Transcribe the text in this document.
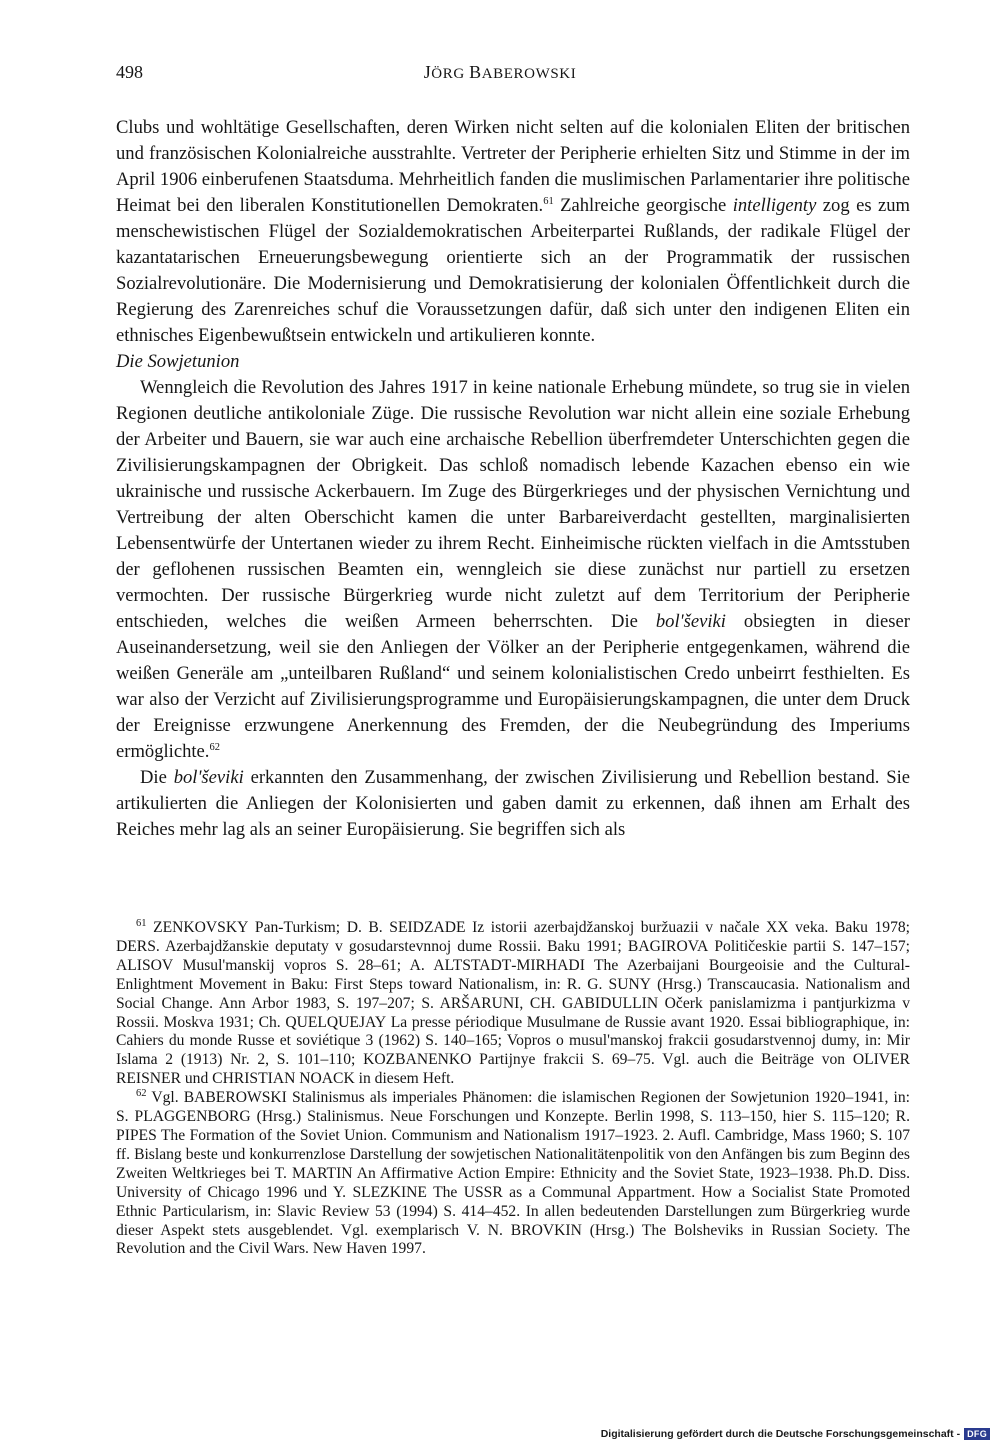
498	JÖRG BABEROWSKI

Clubs und wohltätige Gesellschaften, deren Wirken nicht selten auf die kolonialen Eliten der britischen und französischen Kolonialreiche ausstrahlte. Vertreter der Peripherie erhielten Sitz und Stimme in der im April 1906 einberufenen Staatsduma. Mehrheitlich fanden die muslimischen Parlamentarier ihre politische Heimat bei den liberalen Konstitutionellen Demokraten.$^{61}$ Zahlreiche georgische intelligenty zog es zum menschewistischen Flügel der Sozialdemokratischen Arbeiterpartei Rußlands, der radikale Flügel der kazantatarischen Erneuerungsbewegung orientierte sich an der Programmatik der russischen Sozialrevolutionäre. Die Modernisierung und Demokratisierung der kolonialen Öffentlichkeit durch die Regierung des Zarenreiches schuf die Voraussetzungen dafür, daß sich unter den indigenen Eliten ein ethnisches Eigenbewußtsein entwickeln und artikulieren konnte.

Die Sowjetunion

Wenngleich die Revolution des Jahres 1917 in keine nationale Erhebung mündete, so trug sie in vielen Regionen deutliche antikoloniale Züge. Die russische Revolution war nicht allein eine soziale Erhebung der Arbeiter und Bauern, sie war auch eine archaische Rebellion überfremdeter Unterschichten gegen die Zivilisierungskampagnen der Obrigkeit. Das schloß nomadisch lebende Kazachen ebenso ein wie ukrainische und russische Ackerbauern. Im Zuge des Bürgerkrieges und der physischen Vernichtung und Vertreibung der alten Oberschicht kamen die unter Barbareiverdacht gestellten, marginalisierten Lebensentwürfe der Untertanen wieder zu ihrem Recht. Einheimische rückten vielfach in die Amtsstuben der geflohenen russischen Beamten ein, wenngleich sie diese zunächst nur partiell zu ersetzen vermochten. Der russische Bürgerkrieg wurde nicht zuletzt auf dem Territorium der Peripherie entschieden, welches die weißen Armeen beherrschten. Die bol'ševiki obsiegten in dieser Auseinandersetzung, weil sie den Anliegen der Völker an der Peripherie entgegenkamen, während die weißen Generäle am „unteilbaren Rußland“ und seinem kolonialistischen Credo unbeirrt festhielten. Es war also der Verzicht auf Zivilisierungsprogramme und Europäisierungskampagnen, die unter dem Druck der Ereignisse erzwungene Anerkennung des Fremden, der die Neubegründung des Imperiums ermöglichte.$^{62}$

Die bol'ševiki erkannten den Zusammenhang, der zwischen Zivilisierung und Rebellion bestand. Sie artikulierten die Anliegen der Kolonisierten und gaben damit zu erkennen, daß ihnen am Erhalt des Reiches mehr lag als an seiner Europäisierung. Sie begriffen sich als

$^{61}$ ZENKOVSKY Pan-Turkism; D. B. SEIDZADE Iz istorii azerbajdžanskoj buržuazii v načale XX veka. Baku 1978; DERS. Azerbajdžanskie deputaty v gosudarstevnnoj dume Rossii. Baku 1991; BAGIROVA Političeskie partii S. 147–157; ALISOV Musul'manskij vopros S. 28–61; A. ALTSTADT-MIRHADI The Azerbaijani Bourgeoisie and the Cultural-Enlightment Movement in Baku: First Steps toward Nationalism, in: R. G. SUNY (Hrsg.) Transcaucasia. Nationalism and Social Change. Ann Arbor 1983, S. 197–207; S. ARŠARUNI, CH. GABIDULLIN Očerk panislamizma i pantjurkizma v Rossii. Moskva 1931; Ch. QUELQUEJAY La presse périodique Musulmane de Russie avant 1920. Essai bibliographique, in: Cahiers du monde Russe et soviétique 3 (1962) S. 140–165; Vopros o musul'manskoj frakcii gosudarstvennoj dumy, in: Mir Islama 2 (1913) Nr. 2, S. 101–110; KOZBANENKO Partijnye frakcii S. 69–75. Vgl. auch die Beiträge von OLIVER REISNER und CHRISTIAN NOACK in diesem Heft.

$^{62}$ Vgl. BABEROWSKI Stalinismus als imperiales Phänomen: die islamischen Regionen der Sowjetunion 1920–1941, in: S. PLAGGENBORG (Hrsg.) Stalinismus. Neue Forschungen und Konzepte. Berlin 1998, S. 113–150, hier S. 115–120; R. PIPES The Formation of the Soviet Union. Communism and Nationalism 1917–1923. 2. Aufl. Cambridge, Mass 1960; S. 107 ff. Bislang beste und konkurrenzlose Darstellung der sowjetischen Nationalitätenpolitik von den Anfängen bis zum Beginn des Zweiten Weltkrieges bei T. MARTIN An Affirmative Action Empire: Ethnicity and the Soviet State, 1923–1938. Ph.D. Diss. University of Chicago 1996 und Y. SLEZKINE The USSR as a Communal Appartment. How a Socialist State Promoted Ethnic Particularism, in: Slavic Review 53 (1994) S. 414–452. In allen bedeutenden Darstellungen zum Bürgerkrieg wurde dieser Aspekt stets ausgeblendet. Vgl. exemplarisch V. N. BROVKIN (Hrsg.) The Bolsheviks in Russian Society. The Revolution and the Civil Wars. New Haven 1997.

Digitalisierung gefördert durch die Deutsche Forschungsgemeinschaft - DFG
